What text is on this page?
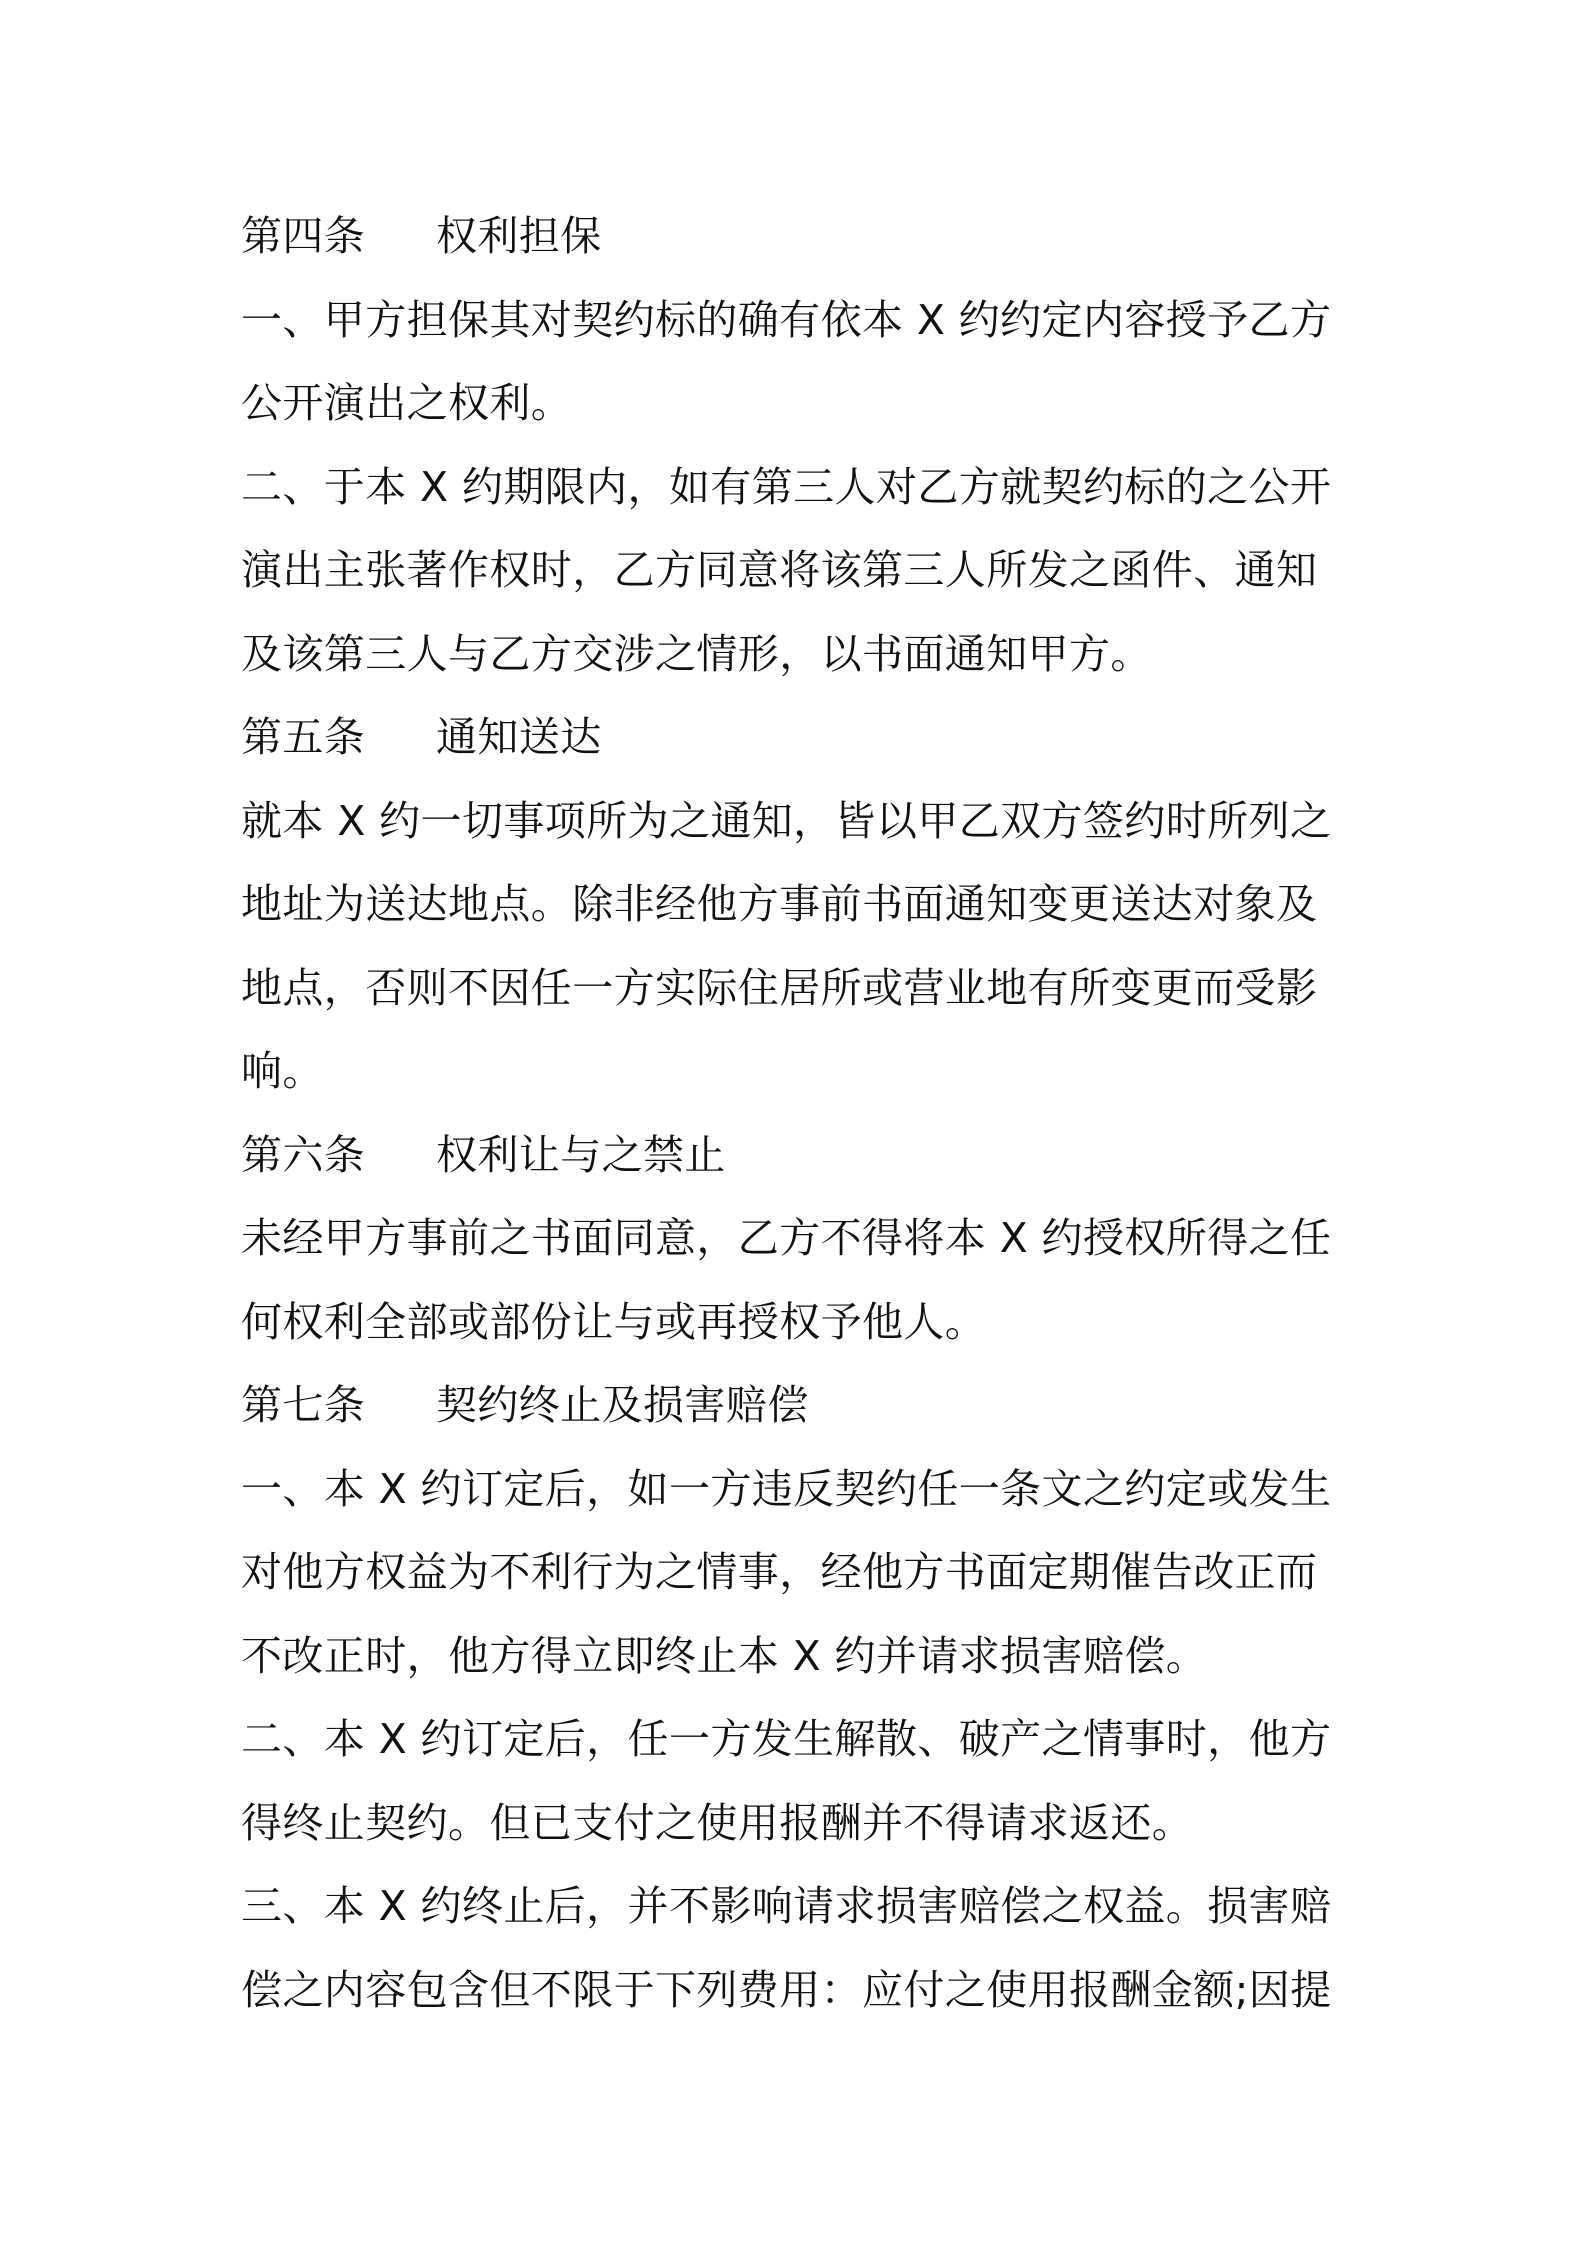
第四条 权利担保
一、甲方担保其对契约标的确有依本 X 约约定内容授予乙方
公开演出之权利。
二、于本 X 约期限内，如有第三人对乙方就契约标的之公开
演出主张著作权时，乙方同意将该第三人所发之函件、通知
及该第三人与乙方交涉之情形，以书面通知甲方。
第五条 通知送达
就本 X 约一切事项所为之通知，皆以甲乙双方签约时所列之
地址为送达地点。除非经他方事前书面通知变更送达对象及
地点，否则不因任一方实际住居所或营业地有所变更而受影
响。
第六条 权利让与之禁止
未经甲方事前之书面同意，乙方不得将本 X 约授权所得之任
何权利全部或部份让与或再授权予他人。
第七条 契约终止及损害赔偿
一、本 X 约订定后，如一方违反契约任一条文之约定或发生
对他方权益为不利行为之情事，经他方书面定期催告改正而
不改正时，他方得立即终止本 X 约并请求损害赔偿。
二、本 X 约订定后，任一方发生解散、破产之情事时，他方
得终止契约。但已支付之使用报酬并不得请求返还。
三、本 X 约终止后，并不影响请求损害赔偿之权益。损害赔
偿之内容包含但不限于下列费用：应付之使用报酬金额;因提
